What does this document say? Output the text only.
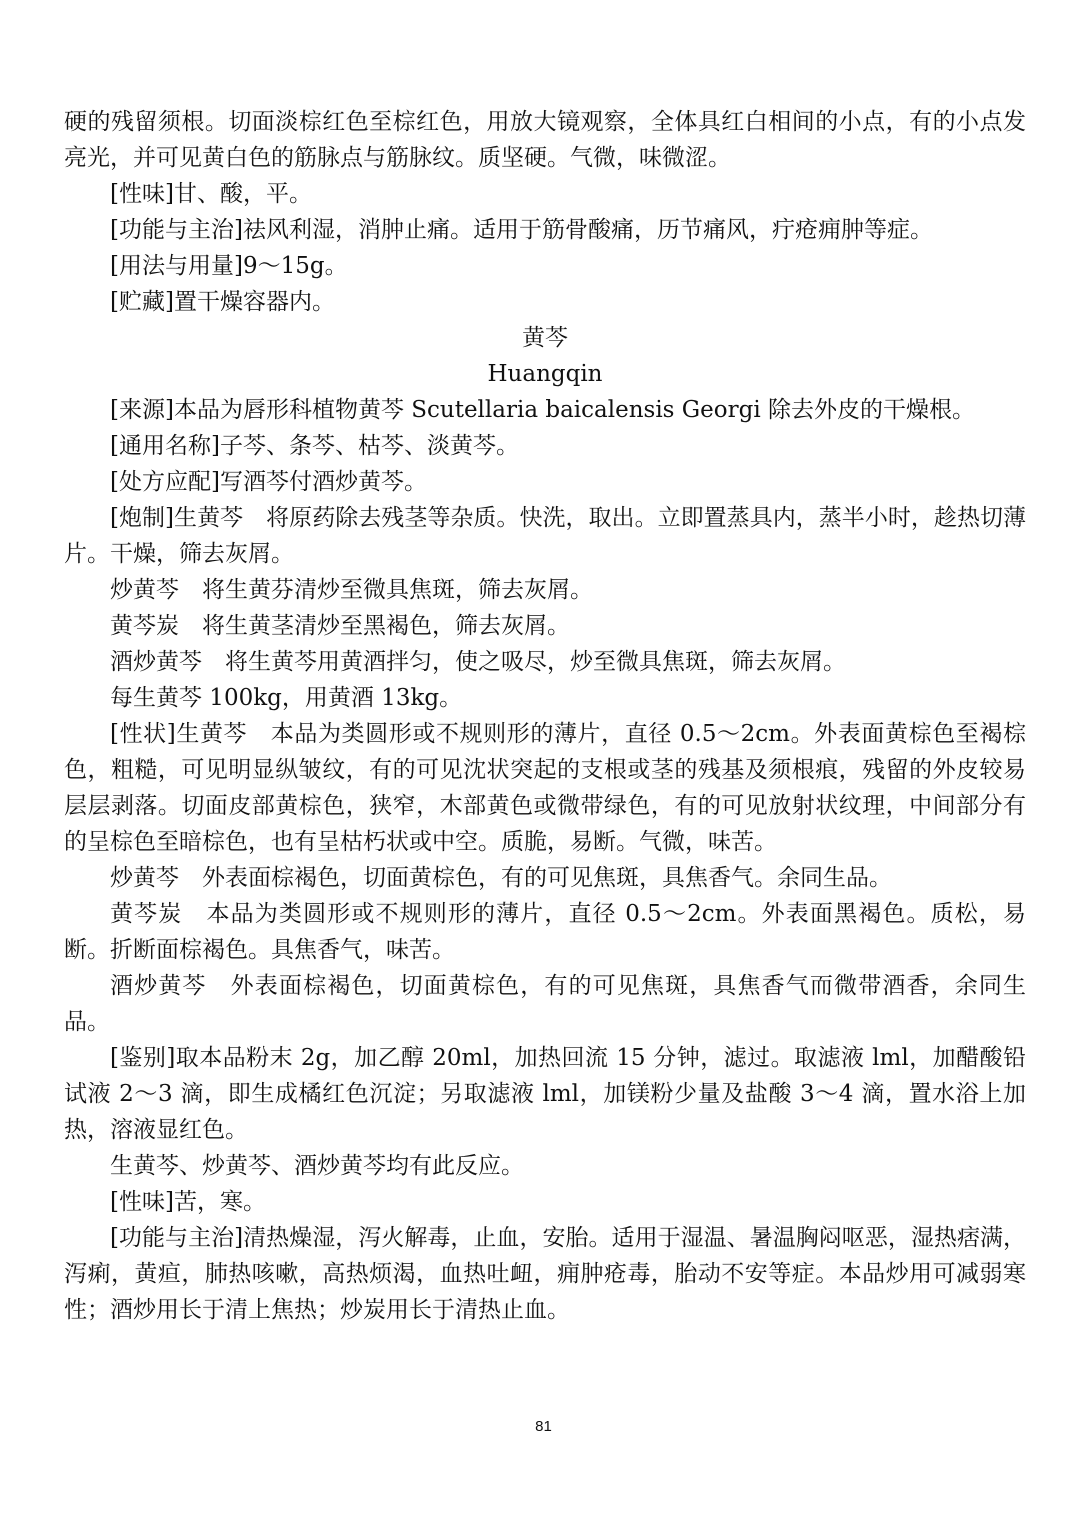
硬的残留须根。切面淡棕红色至棕红色，用放大镜观察，全体具红白相间的小点，有的小点发亮光，并可见黄白色的筋脉点与筋脉纹。质坚硬。气微，味微涩。

[性味]甘、酸，平。

[功能与主治]祛风利湿，消肿止痛。适用于筋骨酸痛，历节痛风，疔疮痈肿等症。

[用法与用量]9～15g。

[贮藏]置干燥容器内。

黄芩

Huangqin

[来源]本品为唇形科植物黄芩 Scutellaria baicalensis Georgi 除去外皮的干燥根。

[通用名称]子芩、条芩、枯芩、淡黄芩。

[处方应配]写酒芩付酒炒黄芩。

[炮制]生黄芩　将原药除去残茎等杂质。快洗，取出。立即置蒸具内，蒸半小时，趁热切薄片。干燥，筛去灰屑。

炒黄芩　将生黄芬清炒至微具焦斑，筛去灰屑。

黄芩炭　将生黄茎清炒至黑褐色，筛去灰屑。

酒炒黄芩　将生黄芩用黄酒拌匀，使之吸尽，炒至微具焦斑，筛去灰屑。

每生黄芩 100kg，用黄酒 13kg。

[性状]生黄芩　本品为类圆形或不规则形的薄片，直径 0.5～2cm。外表面黄棕色至褐棕色，粗糙，可见明显纵皱纹，有的可见沈状突起的支根或茎的残基及须根痕，残留的外皮较易层层剥落。切面皮部黄棕色，狭窄，木部黄色或微带绿色，有的可见放射状纹理，中间部分有的呈棕色至暗棕色，也有呈枯朽状或中空。质脆，易断。气微，味苦。

炒黄芩　外表面棕褐色，切面黄棕色，有的可见焦斑，具焦香气。余同生品。

黄芩炭　本品为类圆形或不规则形的薄片，直径 0.5～2cm。外表面黑褐色。质松，易断。折断面棕褐色。具焦香气，味苦。

酒炒黄芩　外表面棕褐色，切面黄棕色，有的可见焦斑，具焦香气而微带酒香，余同生品。

[鉴别]取本品粉末 2g，加乙醇 20ml，加热回流 15 分钟，滤过。取滤液 lml，加醋酸铅试液 2～3 滴，即生成橘红色沉淀；另取滤液 lml，加镁粉少量及盐酸 3～4 滴，置水浴上加热，溶液显红色。

生黄芩、炒黄芩、酒炒黄芩均有此反应。

[性味]苦，寒。

[功能与主治]清热燥湿，泻火解毒，止血，安胎。适用于湿温、暑温胸闷呕恶，湿热痞满，泻痢，黄疸，肺热咳嗽，高热烦渴，血热吐衄，痈肿疮毒，胎动不安等症。本品炒用可减弱寒性；酒炒用长于清上焦热；炒炭用长于清热止血。

81
